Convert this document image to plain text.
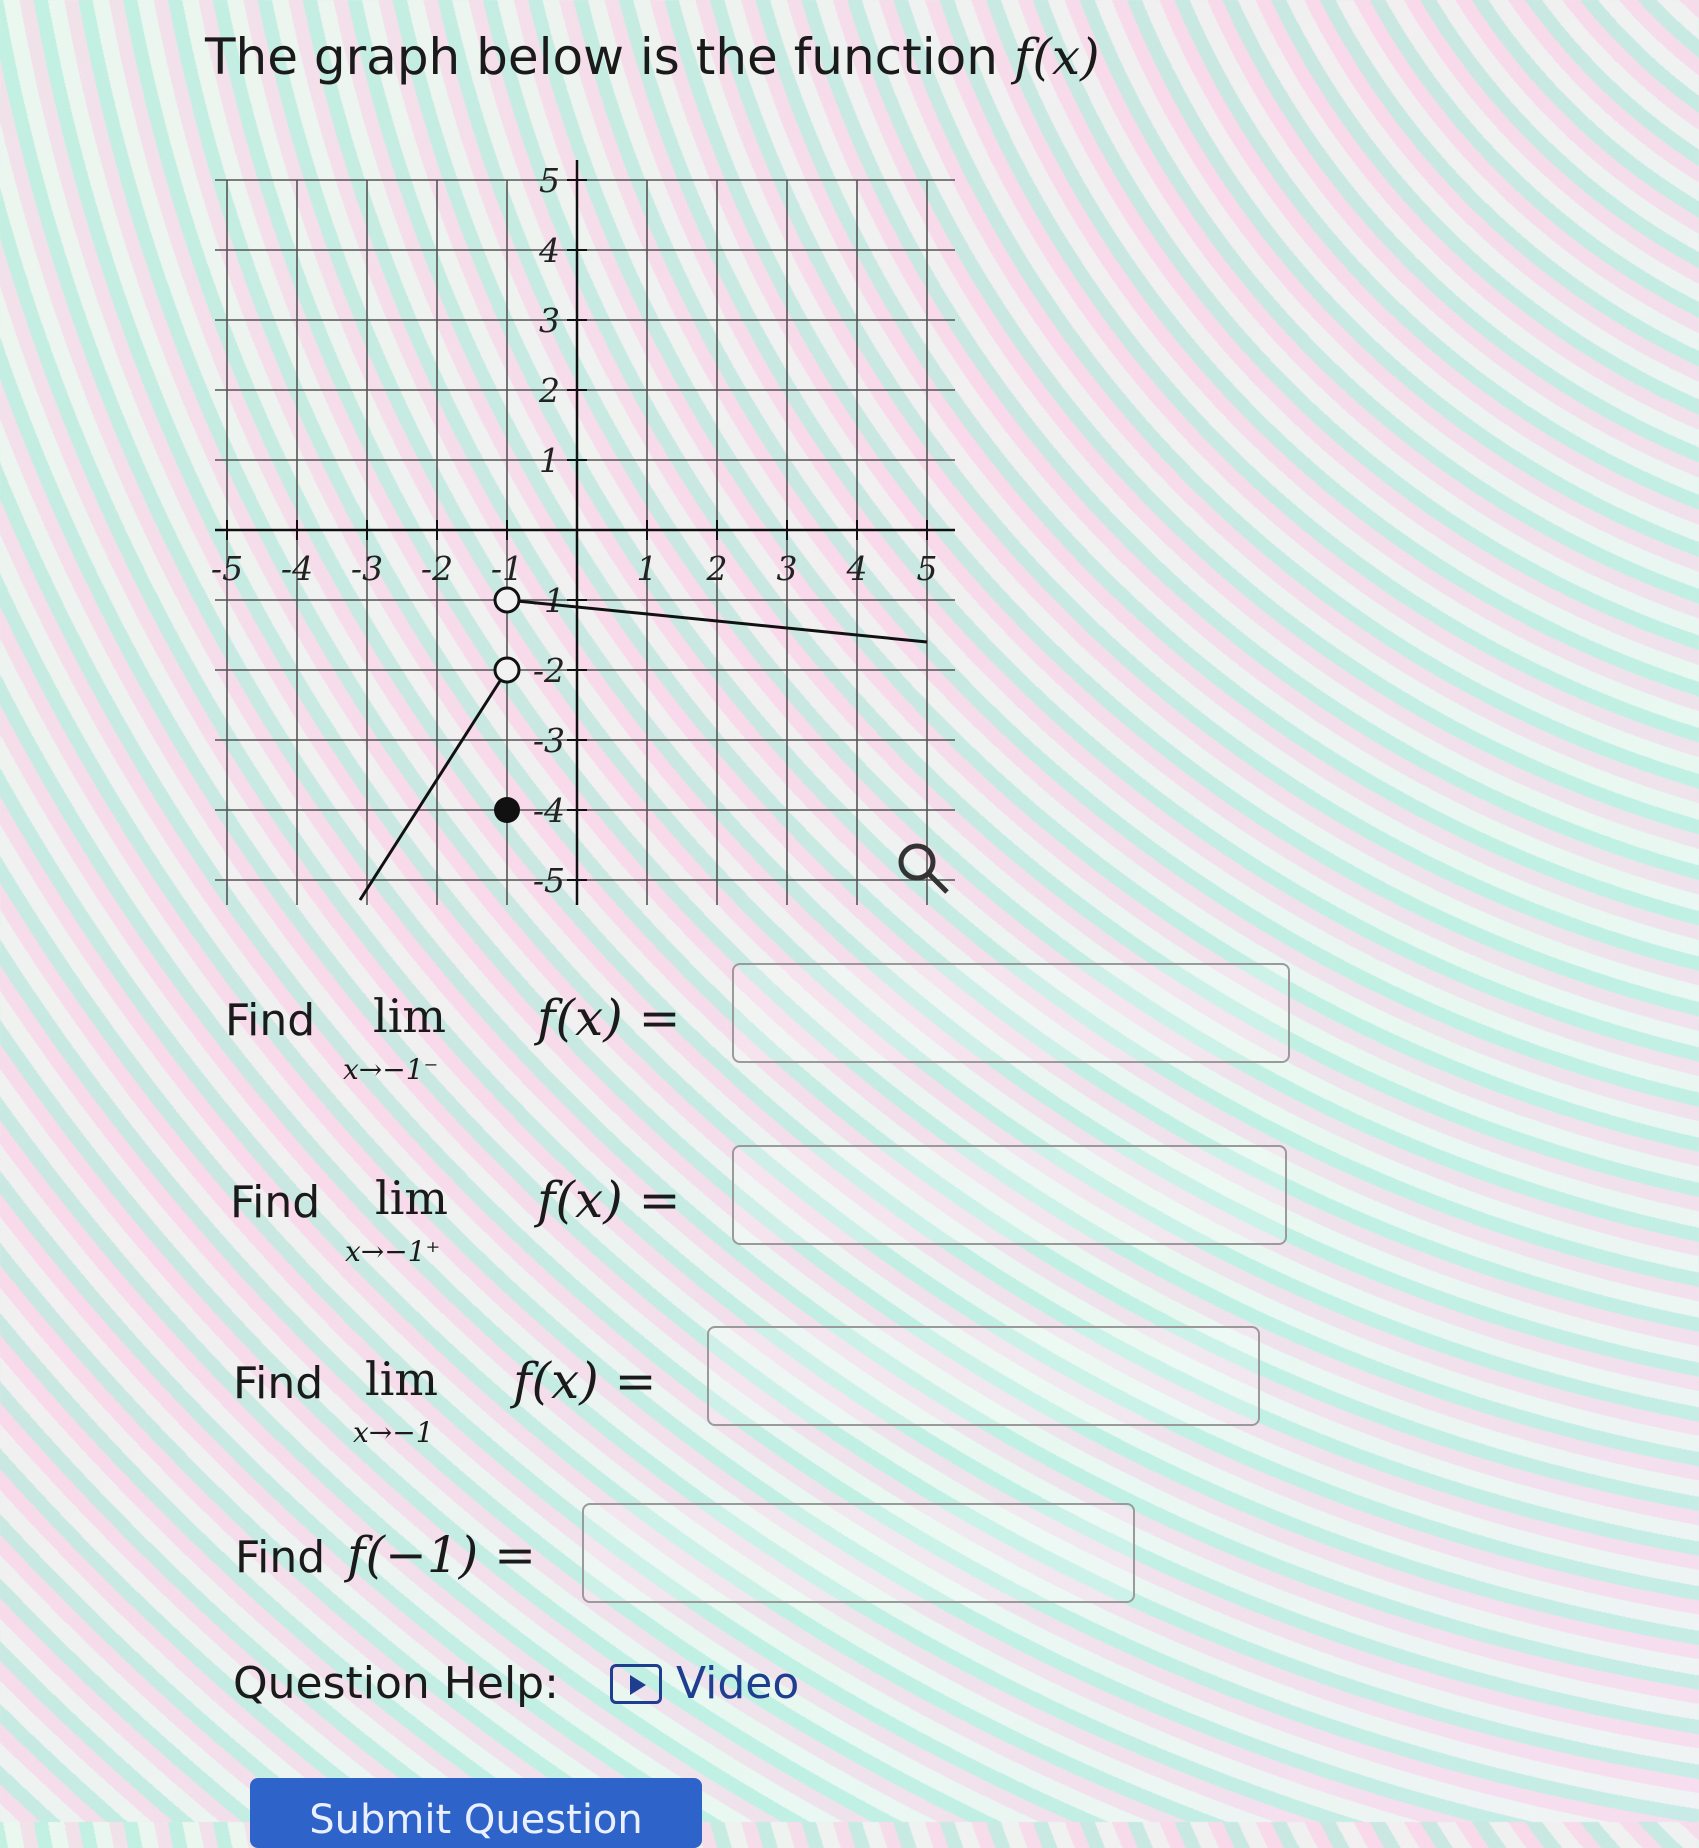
The graph below is the function f(x)
-5 -4 -3 -2 -1	1 2 3 4 5
5
4
3
2
1
-1
-2
-3
-4
-5
Find lim
x→−1⁻
f(x) =
Find lim
x→−1⁺
f(x) =
Find lim
x→−1
f(x) =
Find f(−1) =
Question Help:	Video
Submit Question
